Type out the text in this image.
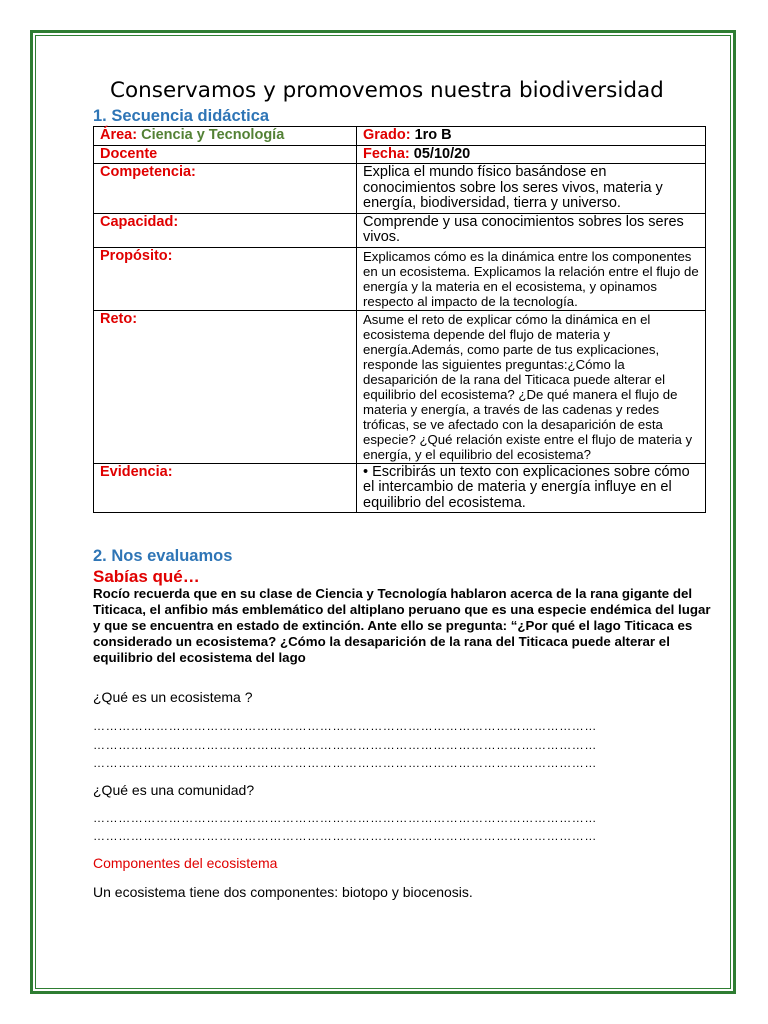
Conservamos y promovemos nuestra biodiversidad
1. Secuencia didáctica
Área: Ciencia y Tecnología	Grado: 1ro B
Docente	Fecha: 05/10/20
Competencia:	Explica el mundo físico basándose en conocimientos sobre los seres vivos, materia y energía, biodiversidad, tierra y universo.
Capacidad:	Comprende y usa conocimientos sobres los seres vivos.
Propósito:	Explicamos cómo es la dinámica entre los componentes en un ecosistema. Explicamos la relación entre el flujo de energía y la materia en el ecosistema, y opinamos respecto al impacto de la tecnología.
Reto:	Asume el reto de explicar cómo la dinámica en el ecosistema depende del flujo de materia y energía.Además, como parte de tus explicaciones, responde las siguientes preguntas:¿Cómo la desaparición de la rana del Titicaca puede alterar el equilibrio del ecosistema? ¿De qué manera el flujo de materia y energía, a través de las cadenas y redes tróficas, se ve afectado con la desaparición de esta especie? ¿Qué relación existe entre el flujo de materia y energía, y el equilibrio del ecosistema?
Evidencia:	• Escribirás un texto con explicaciones sobre cómo el intercambio de materia y energía influye en el equilibrio del ecosistema.
2. Nos evaluamos
Sabías qué…
Rocío recuerda que en su clase de Ciencia y Tecnología hablaron acerca de la rana gigante del Titicaca, el anfibio más emblemático del altiplano peruano que es una especie endémica del lugar y que se encuentra en estado de extinción. Ante ello se pregunta: “¿Por qué el lago Titicaca es considerado un ecosistema? ¿Cómo la desaparición de la rana del Titicaca puede alterar el equilibrio del ecosistema del lago
¿Qué es un ecosistema ?
…………………………………………………………………………………………………………
…………………………………………………………………………………………………………
…………………………………………………………………………………………………………
¿Qué es una comunidad?
…………………………………………………………………………………………………………
…………………………………………………………………………………………………………
Componentes del ecosistema
Un ecosistema tiene dos componentes: biotopo y biocenosis.
